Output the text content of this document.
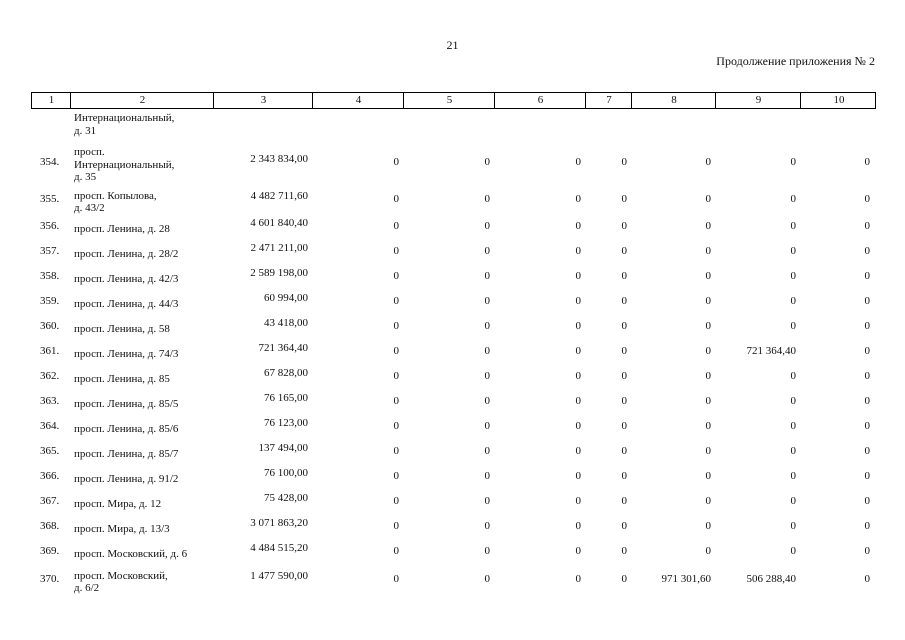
21
Продолжение приложения № 2
1	2	3	4	5	6	7	8	9	10
Интернациональный,
д. 31
354.
просп.
Интернациональный,
д. 35
2 343 834,00	0	0	0	0	0	0	0
355. просп. Копылова,
д. 43/2
4 482 711,60	0	0	0	0	0	0	0
356. просп. Ленина, д. 28	4 601 840,40	0	0	0	0	0	0	0
357. просп. Ленина, д. 28/2	2 471 211,00	0	0	0	0	0	0	0
358. просп. Ленина, д. 42/3	2 589 198,00	0	0	0	0	0	0	0
359. просп. Ленина, д. 44/3	60 994,00	0	0	0	0	0	0	0
360. просп. Ленина, д. 58	43 418,00	0	0	0	0	0	0	0
361. просп. Ленина, д. 74/3	721 364,40	0	0	0	0	0	721 364,40	0
362. просп. Ленина, д. 85	67 828,00	0	0	0	0	0	0	0
363. просп. Ленина, д. 85/5	76 165,00	0	0	0	0	0	0	0
364. просп. Ленина, д. 85/6	76 123,00	0	0	0	0	0	0	0
365. просп. Ленина, д. 85/7	137 494,00	0	0	0	0	0	0	0
366. просп. Ленина, д. 91/2	76 100,00	0	0	0	0	0	0	0
367. просп. Мира, д. 12	75 428,00	0	0	0	0	0	0	0
368. просп. Мира, д. 13/3	3 071 863,20	0	0	0	0	0	0	0
369. просп. Московский, д. 6	4 484 515,20	0	0	0	0	0	0	0
370. просп. Московский,
д. 6/2
1 477 590,00	0	0	0	0	971 301,60	506 288,40	0
